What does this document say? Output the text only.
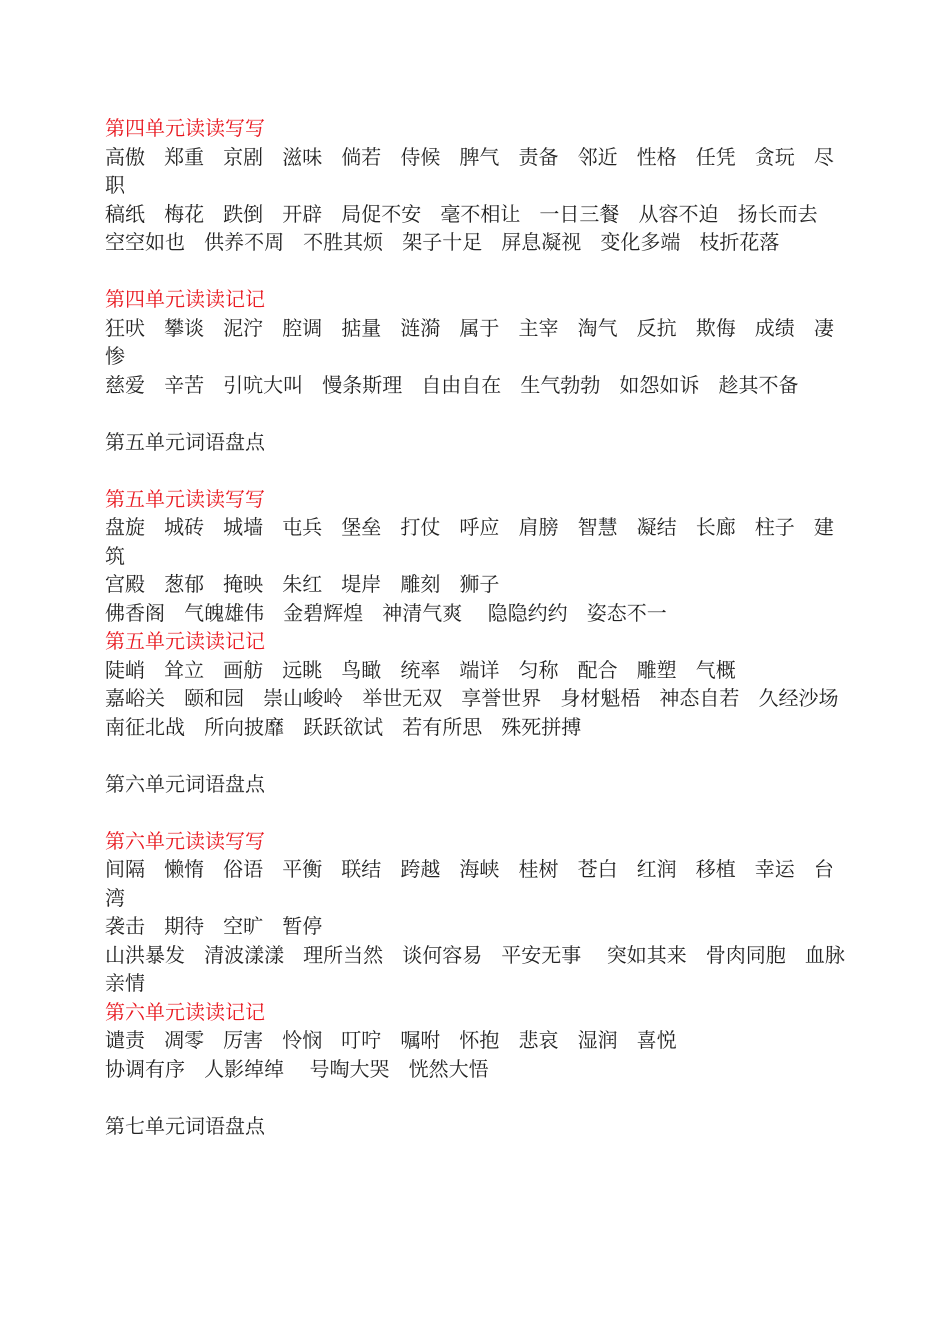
第四单元读读写写
高傲   郑重   京剧   滋味   倘若   侍候   脾气   责备   邻近   性格   任凭   贪玩   尽职
稿纸   梅花   跌倒   开辟   局促不安   毫不相让   一日三餐   从容不迫   扬长而去
空空如也   供养不周   不胜其烦   架子十足   屏息凝视   变化多端   枝折花落
第四单元读读记记
狂吠   攀谈   泥泞   腔调   掂量   涟漪   属于   主宰   淘气   反抗   欺侮   成绩   凄惨
慈爱   辛苦   引吭大叫   慢条斯理   自由自在   生气勃勃   如怨如诉   趁其不备
第五单元词语盘点
第五单元读读写写
盘旋   城砖   城墙   屯兵   堡垒   打仗   呼应   肩膀   智慧   凝结   长廊   柱子   建筑
宫殿   葱郁   掩映   朱红   堤岸   雕刻   狮子
佛香阁   气魄雄伟   金碧辉煌   神清气爽    隐隐约约   姿态不一
第五单元读读记记
陡峭   耸立   画舫   远眺   鸟瞰   统率   端详   匀称   配合   雕塑   气概
嘉峪关   颐和园   崇山峻岭   举世无双   享誉世界   身材魁梧   神态自若   久经沙场
南征北战   所向披靡   跃跃欲试   若有所思   殊死拼搏
第六单元词语盘点
第六单元读读写写
间隔   懒惰   俗语   平衡   联结   跨越   海峡   桂树   苍白   红润   移植   幸运   台湾
袭击   期待   空旷   暂停
山洪暴发   清波漾漾   理所当然   谈何容易   平安无事    突如其来   骨肉同胞   血脉亲情
第六单元读读记记
谴责   凋零   厉害   怜悯   叮咛   嘱咐   怀抱   悲哀   湿润   喜悦
协调有序   人影绰绰    号啕大哭   恍然大悟
第七单元词语盘点
